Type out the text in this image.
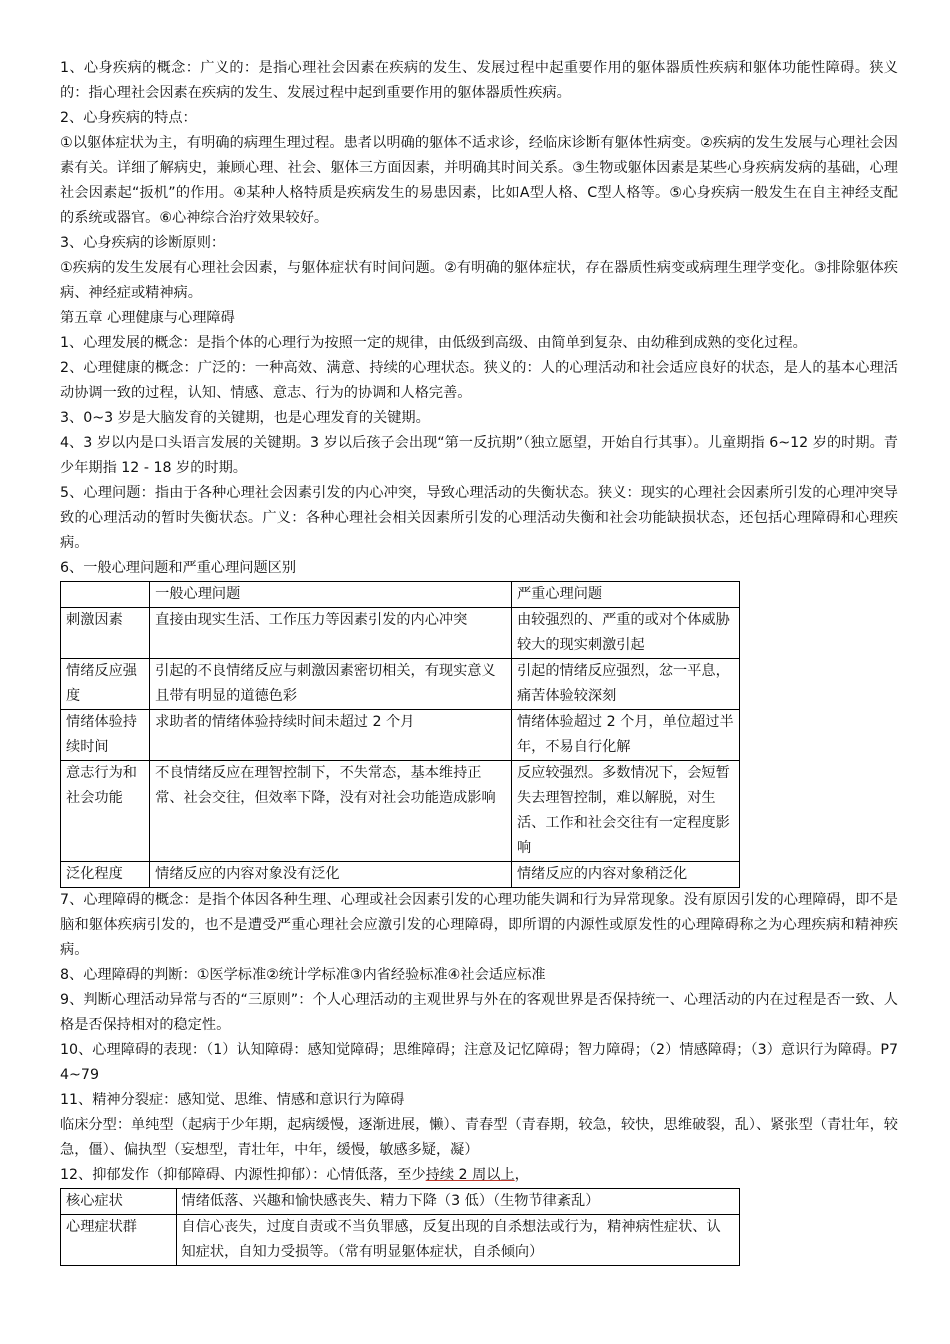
1、心身疾病的概念：广义的：是指心理社会因素在疾病的发生、发展过程中起重要作用的躯体器质性疾病和躯体功能性障碍。狭义的：指心理社会因素在疾病的发生、发展过程中起到重要作用的躯体器质性疾病。

2、心身疾病的特点：

①以躯体症状为主，有明确的病理生理过程。患者以明确的躯体不适求诊，经临床诊断有躯体性病变。②疾病的发生发展与心理社会因素有关。详细了解病史，兼顾心理、社会、躯体三方面因素，并明确其时间关系。③生物或躯体因素是某些心身疾病发病的基础，心理社会因素起“扳机”的作用。④某种人格特质是疾病发生的易患因素，比如A型人格、C型人格等。⑤心身疾病一般发生在自主神经支配的系统或器官。⑥心神综合治疗效果较好。

3、心身疾病的诊断原则：

①疾病的发生发展有心理社会因素，与躯体症状有时间问题。②有明确的躯体症状，存在器质性病变或病理生理学变化。③排除躯体疾病、神经症或精神病。

第五章 心理健康与心理障碍

1、心理发展的概念：是指个体的心理行为按照一定的规律，由低级到高级、由简单到复杂、由幼稚到成熟的变化过程。

2、心理健康的概念：广泛的：一种高效、满意、持续的心理状态。狭义的：人的心理活动和社会适应良好的状态，是人的基本心理活动协调一致的过程，认知、情感、意志、行为的协调和人格完善。

3、0~3 岁是大脑发育的关键期，也是心理发育的关键期。

4、3 岁以内是口头语言发展的关键期。3 岁以后孩子会出现“第一反抗期”（独立愿望，开始自行其事）。儿童期指 6~12 岁的时期。青少年期指 12 - 18 岁的时期。

5、心理问题：指由于各种心理社会因素引发的内心冲突，导致心理活动的失衡状态。狭义：现实的心理社会因素所引发的心理冲突导致的心理活动的暂时失衡状态。广义：各种心理社会相关因素所引发的心理活动失衡和社会功能缺损状态，还包括心理障碍和心理疾病。

6、一般心理问题和严重心理问题区别

	一般心理问题	严重心理问题
刺激因素	直接由现实生活、工作压力等因素引发的内心冲突	由较强烈的、严重的或对个体威胁较大的现实刺激引起
情绪反应强度	引起的不良情绪反应与刺激因素密切相关，有现实意义且带有明显的道德色彩	引起的情绪反应强烈，忿一平息，痛苦体验较深刻
情绪体验持续时间	求助者的情绪体验持续时间未超过 2 个月	情绪体验超过 2 个月，单位超过半年，不易自行化解
意志行为和社会功能	不良情绪反应在理智控制下，不失常态，基本维持正常、社会交往，但效率下降，没有对社会功能造成影响	反应较强烈。多数情况下，会短暂失去理智控制，难以解脱，对生活、工作和社会交往有一定程度影响
泛化程度	情绪反应的内容对象没有泛化	情绪反应的内容对象稍泛化

7、心理障碍的概念：是指个体因各种生理、心理或社会因素引发的心理功能失调和行为异常现象。没有原因引发的心理障碍，即不是脑和躯体疾病引发的，也不是遭受严重心理社会应激引发的心理障碍，即所谓的内源性或原发性的心理障碍称之为心理疾病和精神疾病。

8、心理障碍的判断：①医学标准②统计学标准③内省经验标准④社会适应标准

9、判断心理活动异常与否的“三原则”：个人心理活动的主观世界与外在的客观世界是否保持统一、心理活动的内在过程是否一致、人格是否保持相对的稳定性。

10、心理障碍的表现：（1）认知障碍：感知觉障碍；思维障碍；注意及记忆障碍；智力障碍；（2）情感障碍；（3）意识行为障碍。P74~79

11、精神分裂症：感知觉、思维、情感和意识行为障碍

临床分型：单纯型（起病于少年期，起病缓慢，逐渐进展，懒）、青春型（青春期，较急，较快，思维破裂，乱）、紧张型（青壮年，较急，僵）、偏执型（妄想型，青壮年，中年，缓慢，敏感多疑，凝）

12、抑郁发作（抑郁障碍、内源性抑郁）：心情低落，至少持续 2 周以上，

核心症状	情绪低落、兴趣和愉快感丧失、精力下降（3 低）（生物节律紊乱）
心理症状群	自信心丧失，过度自责或不当负罪感，反复出现的自杀想法或行为，精神病性症状、认知症状，自知力受损等。（常有明显躯体症状，自杀倾向）
